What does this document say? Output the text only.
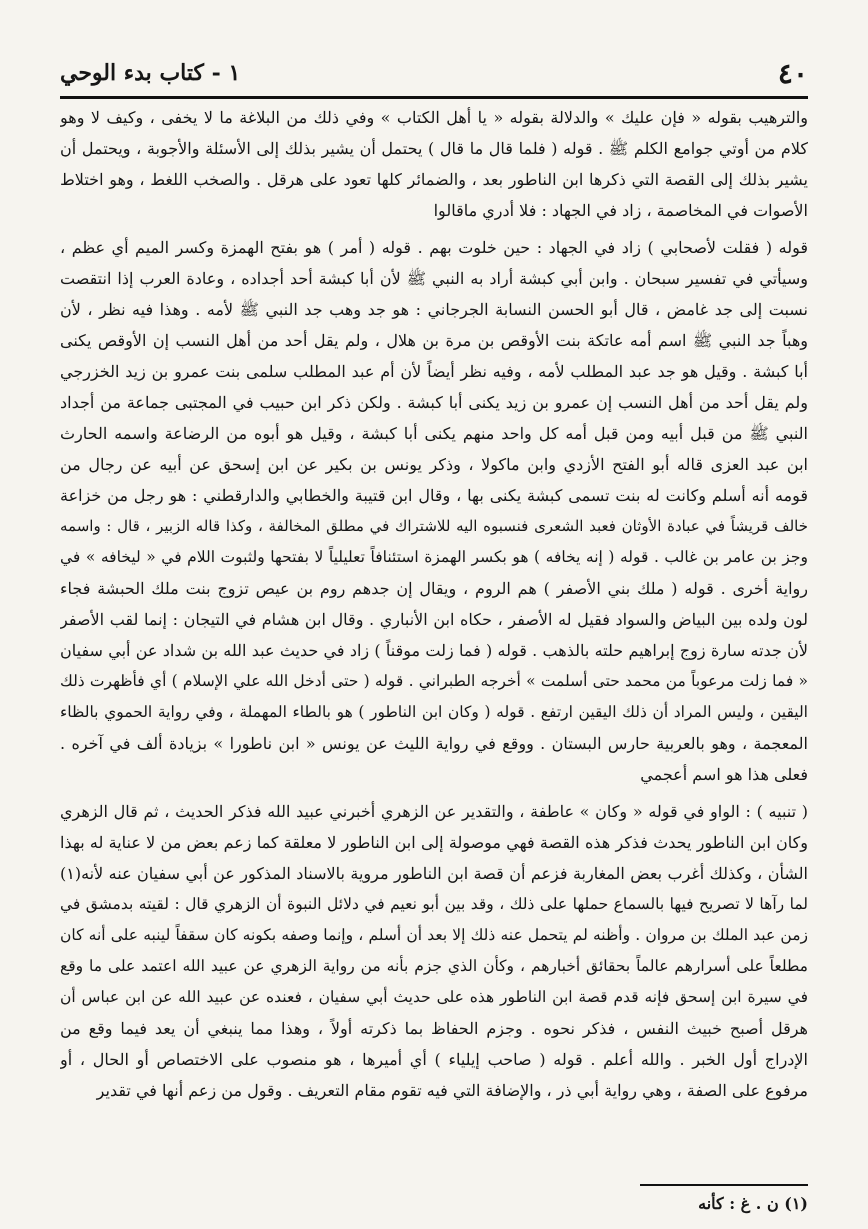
٤٠
١ - كتاب بدء الوحي
والترهيب بقوله « فإن عليك » والدلالة بقوله « يا أهل الكتاب » وفي ذلك من البلاغة ما لا يخفى ، وكيف لا وهو
كلام من أوتي جوامع الكلم ﷺ . قوله ( فلما قال ما قال ) يحتمل أن يشير بذلك إلى الأسئلة والأجوبة ، ويحتمل أن
يشير بذلك إلى القصة التي ذكرها ابن الناطور بعد ، والضمائر كلها تعود على هرقل . والصخب اللغط ، وهو اختلاط
الأصوات في المخاصمة ، زاد في الجهاد : فلا أدري ماقالوا
قوله ( فقلت لأصحابي ) زاد في الجهاد : حين خلوت بهم . قوله ( أمر ) هو بفتح الهمزة وكسر الميم أي عظم ،
وسيأتي في تفسير سبحان . وابن أبي كبشة أراد به النبي ﷺ لأن أبا كبشة أحد أجداده ، وعادة العرب إذا انتقصت
نسبت إلى جد غامض ، قال أبو الحسن النسابة الجرجاني : هو جد وهب جد النبي ﷺ لأمه . وهذا فيه نظر ، لأن
وهباً جد النبي ﷺ اسم أمه عاتكة بنت الأوقص بن مرة بن هلال ، ولم يقل أحد من أهل النسب إن الأوقص يكنى
أبا كبشة . وقيل هو جد عبد المطلب لأمه ، وفيه نظر أيضاً لأن أم عبد المطلب سلمى بنت عمرو بن زيد الخزرجي
ولم يقل أحد من أهل النسب إن عمرو بن زيد يكنى أبا كبشة . ولكن ذكر ابن حبيب في المجتبى جماعة من أجداد
النبي ﷺ من قبل أبيه ومن قبل أمه كل واحد منهم يكنى أبا كبشة ، وقيل هو أبوه من الرضاعة واسمه الحارث
ابن عبد العزى قاله أبو الفتح الأزدي وابن ماكولا ، وذكر يونس بن بكير عن ابن إسحق عن أبيه عن رجال من
قومه أنه أسلم وكانت له بنت تسمى كبشة يكنى بها ، وقال ابن قتيبة والخطابي والدارقطني : هو رجل من خزاعة
خالف قريشاً في عبادة الأوثان فعبد الشعرى فنسبوه اليه للاشتراك في مطلق المخالفة ، وكذا قاله الزبير ، قال : واسمه
وجز بن عامر بن غالب . قوله ( إنه يخافه ) هو بكسر الهمزة استئنافاً تعليلياً لا بفتحها ولثبوت اللام في « ليخافه » في
رواية أخرى . قوله ( ملك بني الأصفر ) هم الروم ، ويقال إن جدهم روم بن عيص تزوج بنت ملك الحبشة فجاء
لون ولده بين البياض والسواد فقيل له الأصفر ، حكاه ابن الأنباري . وقال ابن هشام في التيجان : إنما لقب الأصفر
لأن جدته سارة زوج إبراهيم حلته بالذهب . قوله ( فما زلت موقناً ) زاد في حديث عبد الله بن شداد عن أبي سفيان
« فما زلت مرعوباً من محمد حتى أسلمت » أخرجه الطبراني . قوله ( حتى أدخل الله علي الإسلام ) أي فأظهرت ذلك
اليقين ، وليس المراد أن ذلك اليقين ارتفع . قوله ( وكان ابن الناطور ) هو بالطاء المهملة ، وفي رواية الحموي بالظاء
المعجمة ، وهو بالعربية حارس البستان . ووقع في رواية الليث عن يونس « ابن ناطورا » بزيادة ألف في آخره .
فعلى هذا هو اسم أعجمي
( تنبيه ) : الواو في قوله « وكان » عاطفة ، والتقدير عن الزهري أخبرني عبيد الله فذكر الحديث ، ثم قال الزهري
وكان ابن الناطور يحدث فذكر هذه القصة فهي موصولة إلى ابن الناطور لا معلقة كما زعم بعض من لا عناية له بهذا
الشأن ، وكذلك أغرب بعض المغاربة فزعم أن قصة ابن الناطور مروية بالاسناد المذكور عن أبي سفيان عنه لأنه(١)
لما رآها لا تصريح فيها بالسماع حملها على ذلك ، وقد بين أبو نعيم في دلائل النبوة أن الزهري قال : لقيته بدمشق في
زمن عبد الملك بن مروان . وأظنه لم يتحمل عنه ذلك إلا بعد أن أسلم ، وإنما وصفه بكونه كان سقفاً لينبه على أنه كان
مطلعاً على أسرارهم عالماً بحقائق أخبارهم ، وكأن الذي جزم بأنه من رواية الزهري عن عبيد الله اعتمد على ما وقع
في سيرة ابن إسحق فإنه قدم قصة ابن الناطور هذه على حديث أبي سفيان ، فعنده عن عبيد الله عن ابن عباس أن
هرقل أصبح خبيث النفس ، فذكر نحوه . وجزم الحفاظ بما ذكرته أولاً ، وهذا مما ينبغي أن يعد فيما وقع من
الإدراج أول الخبر . والله أعلم . قوله ( صاحب إيلياء ) أي أميرها ، هو منصوب على الاختصاص أو الحال ، أو
مرفوع على الصفة ، وهي رواية أبي ذر ، والإضافة التي فيه تقوم مقام التعريف . وقول من زعم أنها في تقدير
(١) ن . غ : كأنه
